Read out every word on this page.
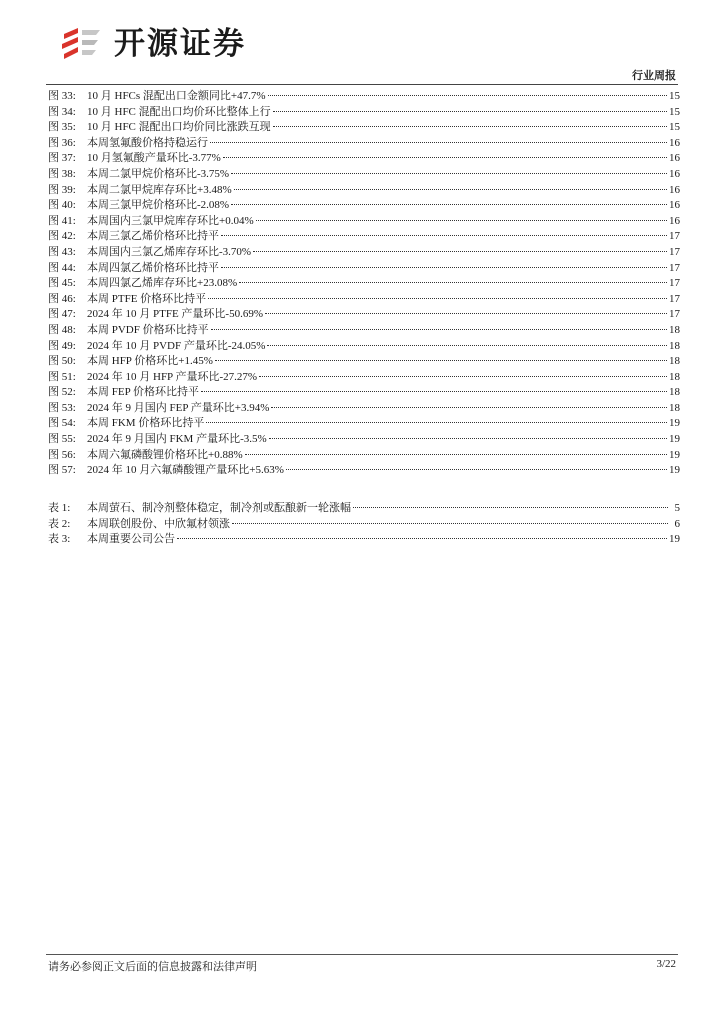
开源证券
行业周报
图 33:	10 月 HFCs 混配出口金额同比+47.7%	15
图 34:	10 月 HFC 混配出口均价环比整体上行	15
图 35:	10 月 HFC 混配出口均价同比涨跌互现	15
图 36:	本周氢氟酸价格持稳运行	16
图 37:	10 月氢氟酸产量环比-3.77%	16
图 38:	本周二氯甲烷价格环比-3.75%	16
图 39:	本周二氯甲烷库存环比+3.48%	16
图 40:	本周三氯甲烷价格环比-2.08%	16
图 41:	本周国内三氯甲烷库存环比+0.04%	16
图 42:	本周三氯乙烯价格环比持平	17
图 43:	本周国内三氯乙烯库存环比-3.70%	17
图 44:	本周四氯乙烯价格环比持平	17
图 45:	本周四氯乙烯库存环比+23.08%	17
图 46:	本周 PTFE 价格环比持平	17
图 47:	2024 年 10 月 PTFE 产量环比-50.69%	17
图 48:	本周 PVDF 价格环比持平	18
图 49:	2024 年 10 月 PVDF 产量环比-24.05%	18
图 50:	本周 HFP 价格环比+1.45%	18
图 51:	2024 年 10 月 HFP 产量环比-27.27%	18
图 52:	本周 FEP 价格环比持平	18
图 53:	2024 年 9 月国内 FEP 产量环比+3.94%	18
图 54:	本周 FKM 价格环比持平	19
图 55:	2024 年 9 月国内 FKM 产量环比-3.5%	19
图 56:	本周六氟磷酸锂价格环比+0.88%	19
图 57:	2024 年 10 月六氟磷酸锂产量环比+5.63%	19
表 1:	本周萤石、制冷剂整体稳定，制冷剂或酝酿新一轮涨幅	5
表 2:	本周联创股份、中欣氟材领涨	6
表 3:	本周重要公司公告	19
请务必参阅正文后面的信息披露和法律声明	3/22
